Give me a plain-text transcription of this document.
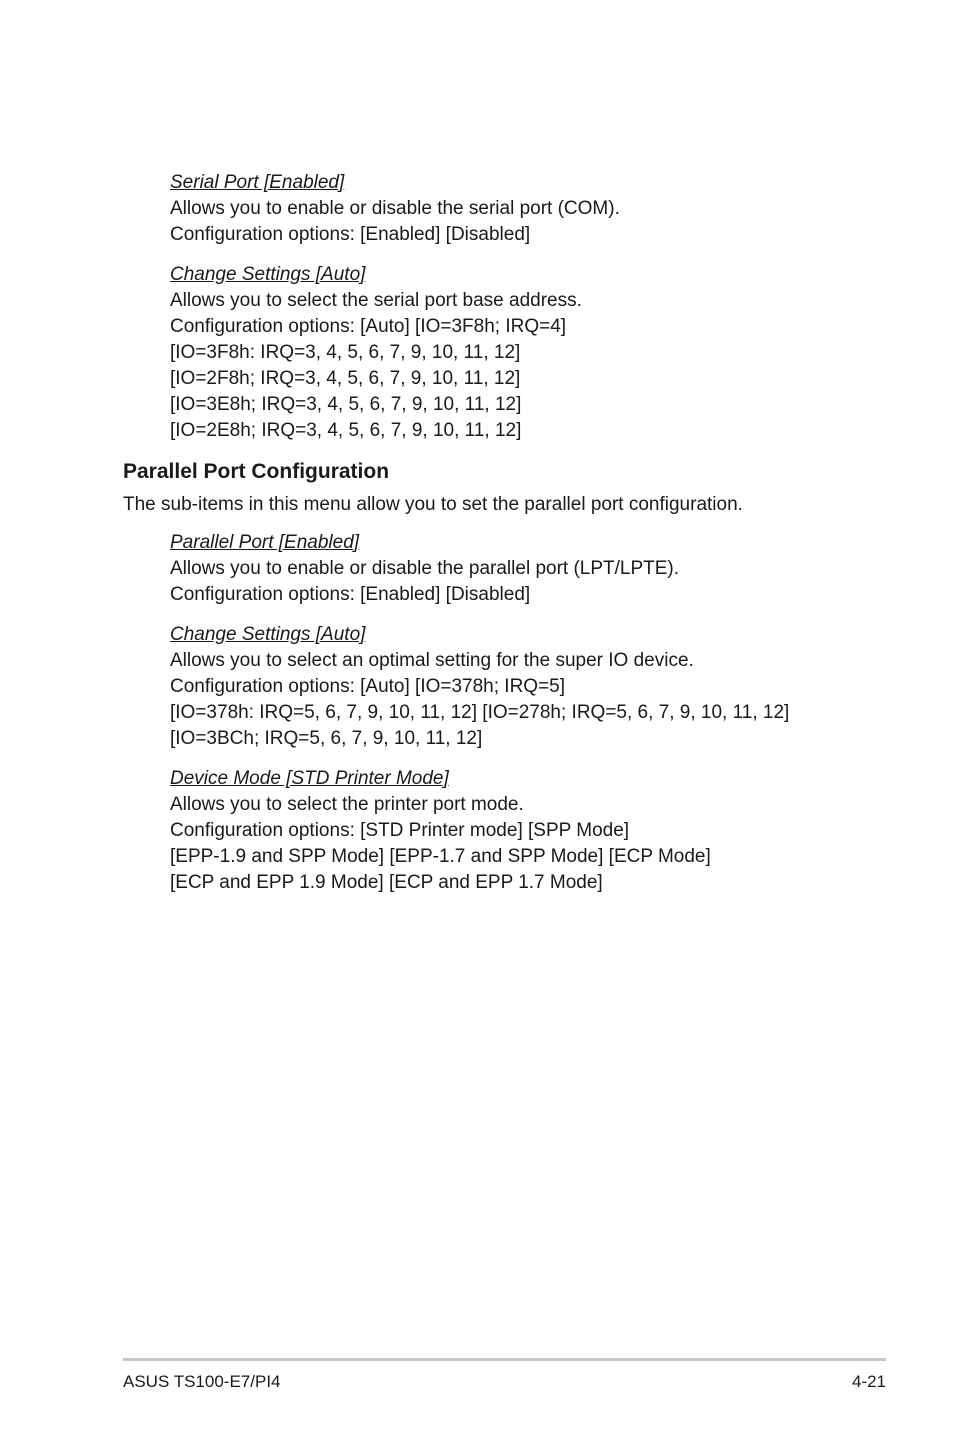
Serial Port [Enabled]
Allows you to enable or disable the serial port (COM).
Configuration options: [Enabled] [Disabled]
Change Settings [Auto]
Allows you to select the serial port base address.
Configuration options: [Auto] [IO=3F8h; IRQ=4]
[IO=3F8h: IRQ=3, 4, 5, 6, 7, 9, 10, 11, 12]
[IO=2F8h; IRQ=3, 4, 5, 6, 7, 9, 10, 11, 12]
[IO=3E8h; IRQ=3, 4, 5, 6, 7, 9, 10, 11, 12]
[IO=2E8h; IRQ=3, 4, 5, 6, 7, 9, 10, 11, 12]
Parallel Port Configuration
The sub-items in this menu allow you to set the parallel port configuration.
Parallel Port [Enabled]
Allows you to enable or disable the parallel port (LPT/LPTE).
Configuration options: [Enabled] [Disabled]
Change Settings [Auto]
Allows you to select an optimal setting for the super IO device.
Configuration options: [Auto] [IO=378h; IRQ=5]
[IO=378h: IRQ=5, 6, 7, 9, 10, 11, 12] [IO=278h; IRQ=5, 6, 7, 9, 10, 11, 12]
[IO=3BCh; IRQ=5, 6, 7, 9, 10, 11, 12]
Device Mode [STD Printer Mode]
Allows you to select the printer port mode.
Configuration options: [STD Printer mode] [SPP Mode]
[EPP-1.9 and SPP Mode] [EPP-1.7 and SPP Mode] [ECP Mode]
[ECP and EPP 1.9 Mode] [ECP and EPP 1.7 Mode]
ASUS TS100-E7/PI4	4-21
